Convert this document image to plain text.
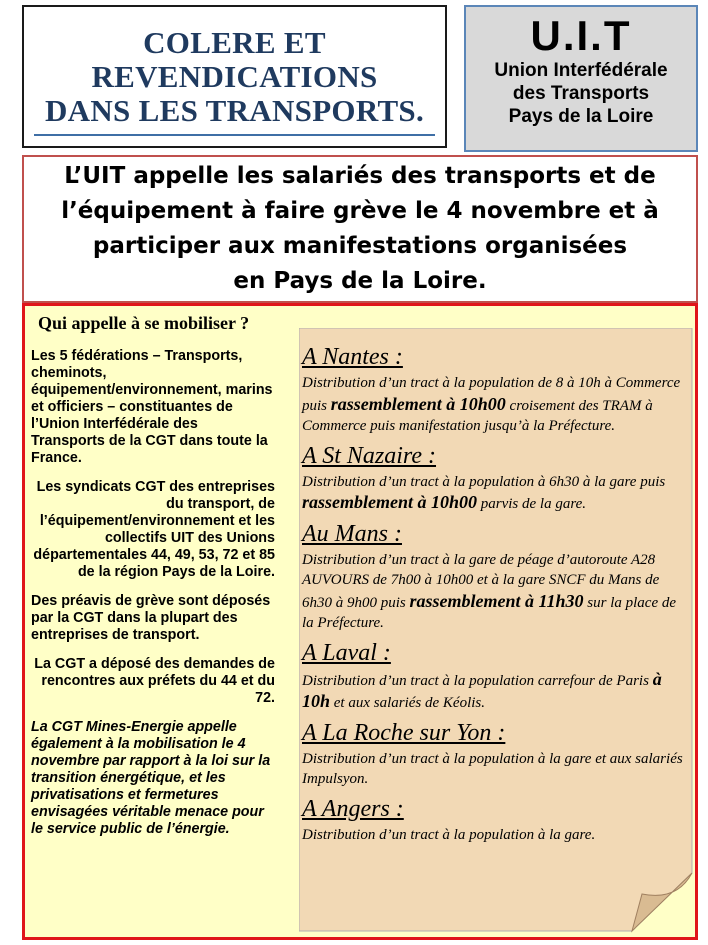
COLERE ET
REVENDICATIONS
DANS LES TRANSPORTS.
U.I.T
Union Interfédérale
des Transports
Pays de la Loire
L’UIT appelle les salariés des transports et de
l’équipement à faire grève le 4 novembre et à
participer aux manifestations organisées
en Pays de la Loire.
Qui appelle à se mobiliser ?

Les 5 fédérations – Transports, cheminots, équipement/environnement, marins et officiers – constituantes de l’Union Interfédérale des Transports de la CGT dans toute la France.

Les syndicats CGT des entreprises du transport, de l’équipement/environnement et les collectifs UIT des Unions départementales 44, 49, 53, 72 et 85 de la région Pays de la Loire.

Des préavis de grève sont déposés par la CGT dans la plupart des entreprises de transport.

La CGT a déposé des demandes de rencontres aux préfets du 44 et du 72.

La CGT Mines-Energie appelle également à la mobilisation le 4 novembre par rapport à la loi sur la transition énergétique, et les privatisations et fermetures envisagées véritable menace pour le service public de l’énergie.

A Nantes :
Distribution d’un tract à la population de 8 à 10h à Commerce puis rassemblement à 10h00 croisement des TRAM à Commerce puis manifestation jusqu’à la Préfecture.
A St Nazaire :
Distribution d’un tract à la population à 6h30 à la gare puis rassemblement à 10h00 parvis de la gare.
Au Mans :
Distribution d’un tract à la gare de péage d’autoroute A28 AUVOURS de 7h00 à 10h00 et à la gare SNCF du Mans de 6h30 à 9h00 puis rassemblement à 11h30 sur la place de la Préfecture.
A Laval :
Distribution d’un tract à la population carrefour de Paris à 10h et aux salariés de Kéolis.
A La Roche sur Yon :
Distribution d’un tract à la population à la gare et aux salariés Impulsyon.
A Angers :
Distribution d’un tract à la population à la gare.
